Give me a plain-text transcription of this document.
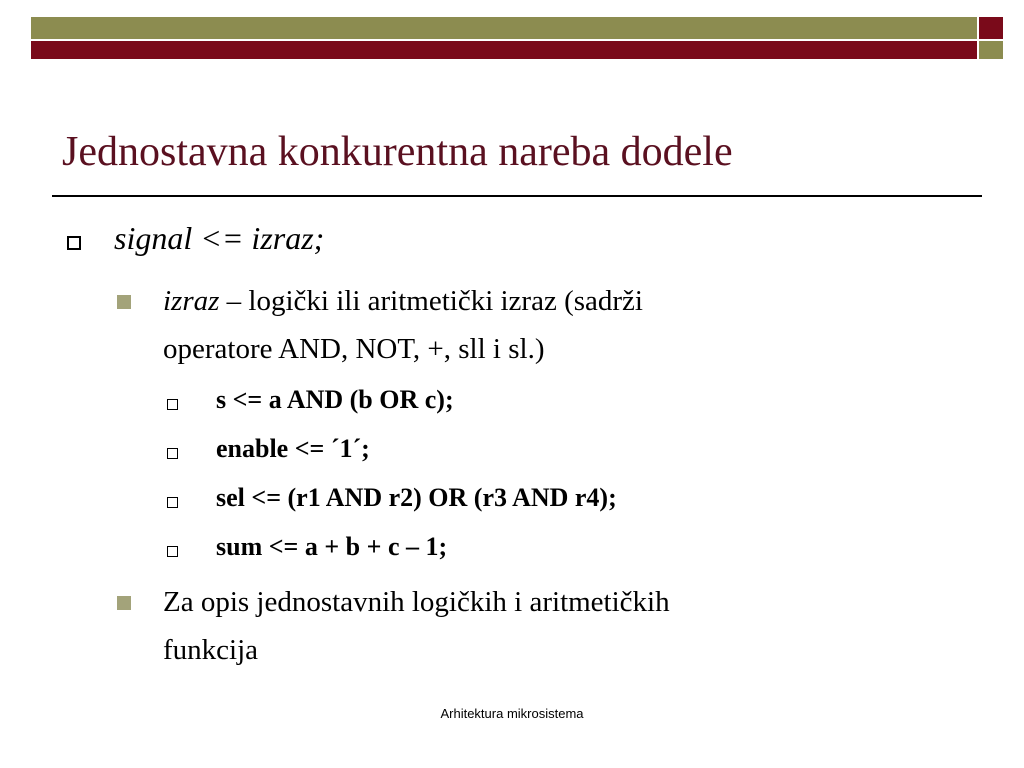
Jednostavna konkurentna nareba dodele
signal <= izraz;
izraz – logički ili aritmetički izraz (sadrži
operatore AND, NOT, +, sll i sl.)
s <= a AND (b OR c);
enable <= ´1´;
sel <= (r1 AND r2) OR (r3 AND r4);
sum <= a + b + c – 1;
Za opis jednostavnih logičkih i aritmetičkih
funkcija
Arhitektura mikrosistema
